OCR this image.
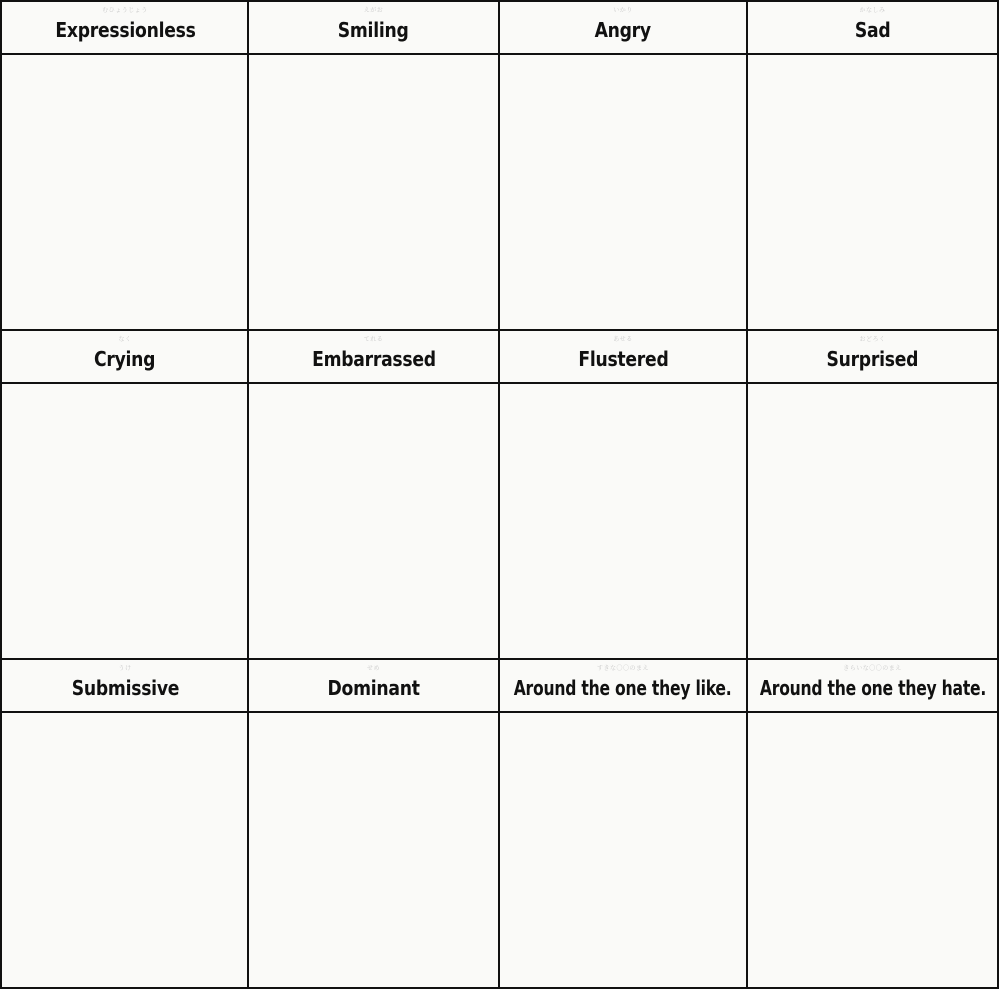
むひょうじょう
Expressionless
えがお
Smiling
いかり
Angry
かなしみ
Sad
なく
Crying
てれる
Embarrassed
あせる
Flustered
おどろく
Surprised
うけ
Submissive
せめ
Dominant
すきな〇〇のまえ
Around the one they like.
きらいな〇〇のまえ
Around the one they hate.
